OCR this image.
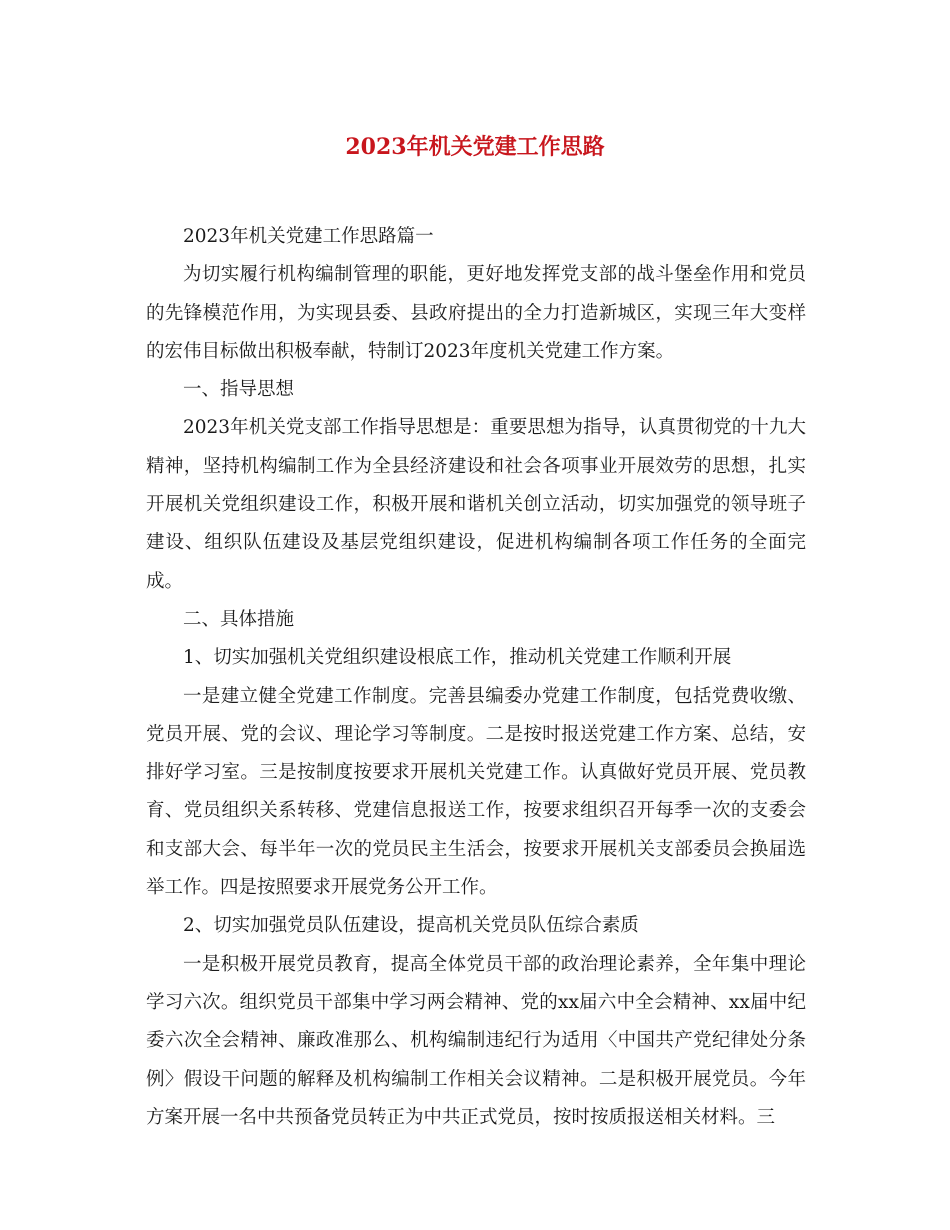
2023年机关党建工作思路

2023年机关党建工作思路篇一

为切实履行机构编制管理的职能，更好地发挥党支部的战斗堡垒作用和党员的先锋模范作用，为实现县委、县政府提出的全力打造新城区，实现三年大变样的宏伟目标做出积极奉献，特制订2023年度机关党建工作方案。

一、指导思想

2023年机关党支部工作指导思想是：重要思想为指导，认真贯彻党的十九大精神，坚持机构编制工作为全县经济建设和社会各项事业开展效劳的思想，扎实开展机关党组织建设工作，积极开展和谐机关创立活动，切实加强党的领导班子建设、组织队伍建设及基层党组织建设，促进机构编制各项工作任务的全面完成。

二、具体措施

1、切实加强机关党组织建设根底工作，推动机关党建工作顺利开展

一是建立健全党建工作制度。完善县编委办党建工作制度，包括党费收缴、党员开展、党的会议、理论学习等制度。二是按时报送党建工作方案、总结，安排好学习室。三是按制度按要求开展机关党建工作。认真做好党员开展、党员教育、党员组织关系转移、党建信息报送工作，按要求组织召开每季一次的支委会和支部大会、每半年一次的党员民主生活会，按要求开展机关支部委员会换届选举工作。四是按照要求开展党务公开工作。

2、切实加强党员队伍建设，提高机关党员队伍综合素质

一是积极开展党员教育，提高全体党员干部的政治理论素养，全年集中理论学习六次。组织党员干部集中学习两会精神、党的xx届六中全会精神、xx届中纪委六次全会精神、廉政准那么、机构编制违纪行为适用〈中国共产党纪律处分条例〉假设干问题的解释及机构编制工作相关会议精神。二是积极开展党员。今年方案开展一名中共预备党员转正为中共正式党员，按时按质报送相关材料。三
